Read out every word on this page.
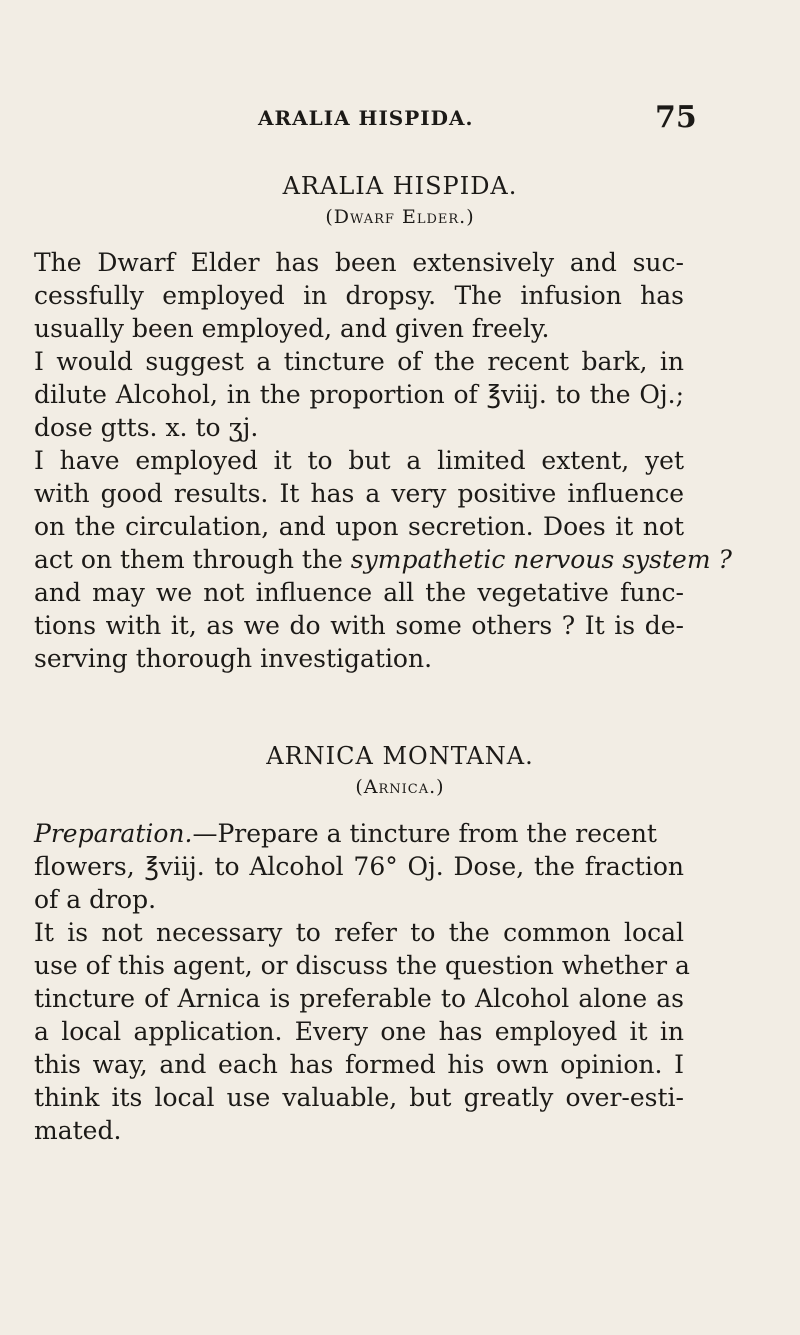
ARALIA HISPIDA.	75
ARALIA HISPIDA.
(Dwarf Elder.)
The Dwarf Elder has been extensively and suc-
cessfully employed in dropsy. The infusion has
usually been employed, and given freely.
I would suggest a tincture of the recent bark, in
dilute Alcohol, in the proportion of ℥viij. to the Oj.;
dose gtts. x. to ʒj.
I have employed it to but a limited extent, yet
with good results. It has a very positive influence
on the circulation, and upon secretion. Does it not
act on them through the sympathetic nervous system ?
and may we not influence all the vegetative func-
tions with it, as we do with some others ? It is de-
serving thorough investigation.
ARNICA MONTANA.
(Arnica.)
Preparation.—Prepare a tincture from the recent
flowers, ℥viij. to Alcohol 76° Oj. Dose, the fraction
of a drop.
It is not necessary to refer to the common local
use of this agent, or discuss the question whether a
tincture of Arnica is preferable to Alcohol alone as
a local application. Every one has employed it in
this way, and each has formed his own opinion. I
think its local use valuable, but greatly over-esti-
mated.
